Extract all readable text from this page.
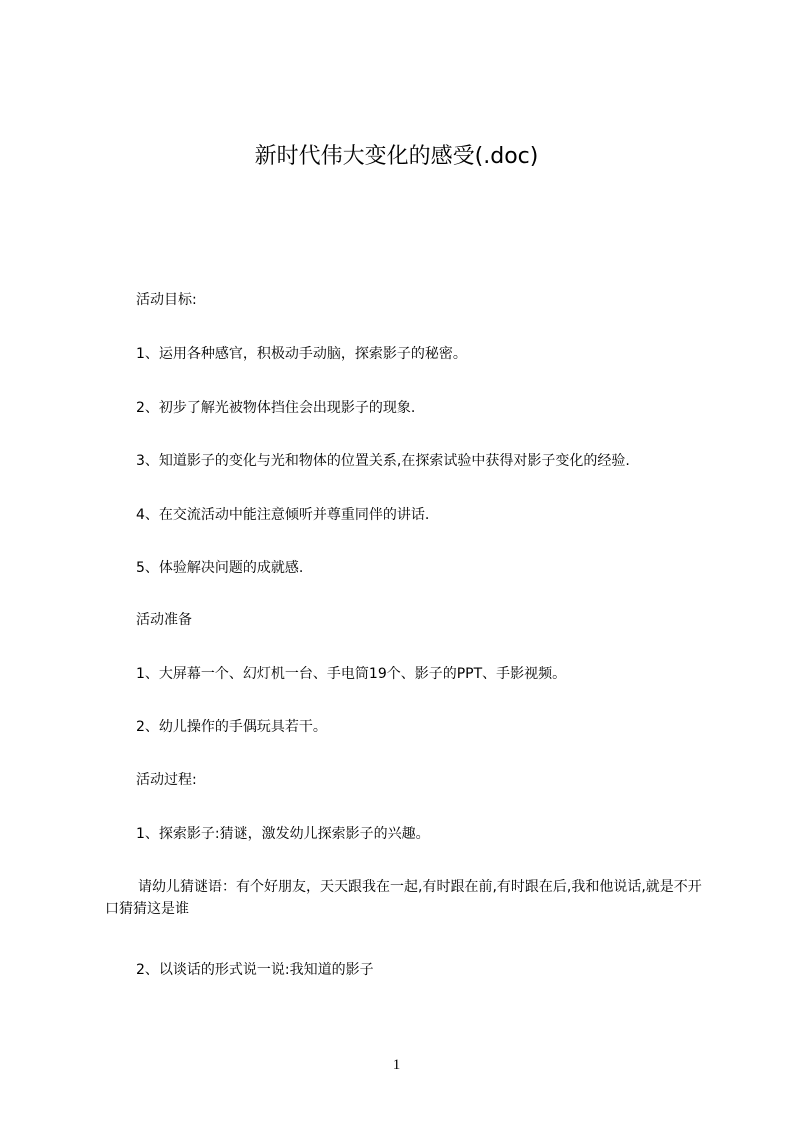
新时代伟大变化的感受(.doc)
活动目标:
1、运用各种感官，积极动手动脑，探索影子的秘密。
2、初步了解光被物体挡住会出现影子的现象.
3、知道影子的变化与光和物体的位置关系,在探索试验中获得对影子变化的经验.
4、在交流活动中能注意倾听并尊重同伴的讲话.
5、体验解决问题的成就感.
活动准备
1、大屏幕一个、幻灯机一台、手电筒19个、影子的PPT、手影视频。
2、幼儿操作的手偶玩具若干。
活动过程:
1、探索影子:猜谜，激发幼儿探索影子的兴趣。
请幼儿猜谜语：有个好朋友，天天跟我在一起,有时跟在前,有时跟在后,我和他说话,就是不开口猜猜这是谁
2、以谈话的形式说一说:我知道的影子
1
